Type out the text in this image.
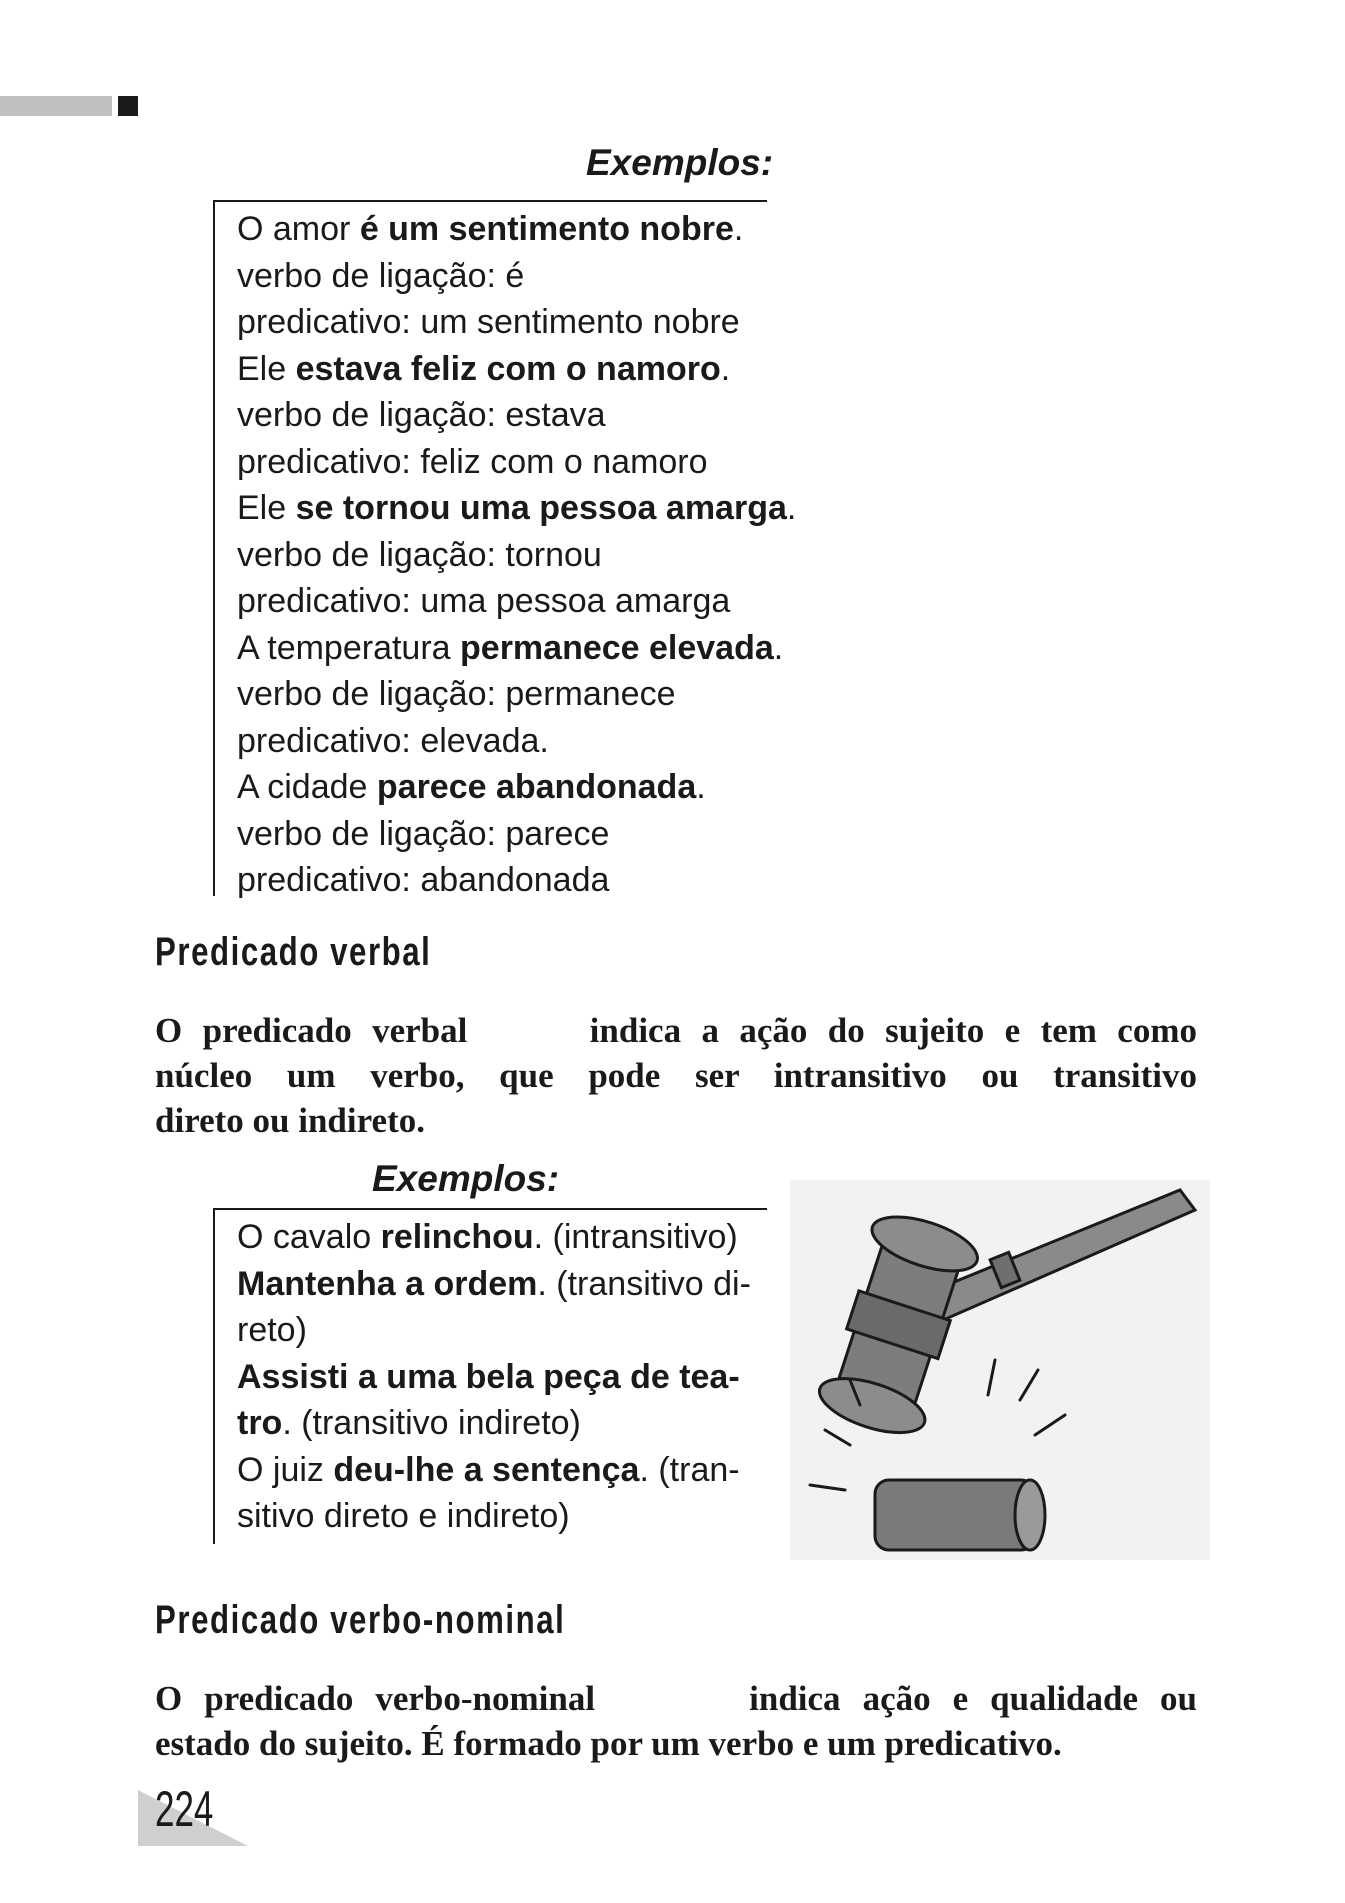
Exemplos:
O amor é um sentimento nobre.
verbo de ligação: é
predicativo: um sentimento nobre
Ele estava feliz com o namoro.
verbo de ligação: estava
predicativo: feliz com o namoro
Ele se tornou uma pessoa amarga.
verbo de ligação: tornou
predicativo: uma pessoa amarga
A temperatura permanece elevada.
verbo de ligação: permanece
predicativo: elevada.
A cidade parece abandonada.
verbo de ligação: parece
predicativo: abandonada
Predicado verbal
O predicado verbal      indica a ação do sujeito e tem como
núcleo um verbo, que pode ser intransitivo ou transitivo
direto ou indireto.
Exemplos:
O cavalo relinchou. (intransitivo)
Mantenha a ordem. (transitivo di-
reto)
Assisti a uma bela peça de tea-
tro. (transitivo indireto)
O juiz deu-lhe a sentença. (tran-
sitivo direto e indireto)
Predicado verbo-nominal
O predicado verbo-nominal       indica ação e qualidade ou
estado do sujeito. É formado por um verbo e um predicativo.
224
